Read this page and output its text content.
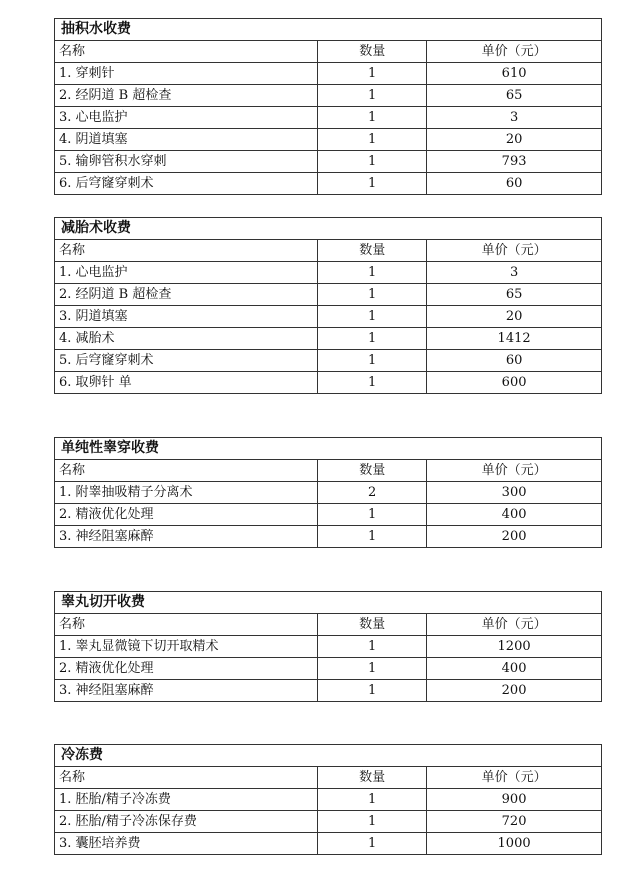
抽积水收费		
名称	数量	单价（元）
1. 穿刺针	1	610
2. 经阴道 B 超检查	1	65
3. 心电监护	1	3
4. 阴道填塞	1	20
5. 输卵管积水穿刺	1	793
6. 后穹窿穿刺术	1	60
减胎术收费		
名称	数量	单价（元）
1. 心电监护	1	3
2. 经阴道 B 超检查	1	65
3. 阴道填塞	1	20
4. 减胎术	1	1412
5. 后穹窿穿刺术	1	60
6. 取卵针 单	1	600
单纯性睾穿收费		
名称	数量	单价（元）
1. 附睾抽吸精子分离术	2	300
2. 精液优化处理	1	400
3. 神经阻塞麻醉	1	200
睾丸切开收费		
名称	数量	单价（元）
1. 睾丸显微镜下切开取精术	1	1200
2. 精液优化处理	1	400
3. 神经阻塞麻醉	1	200
冷冻费		
名称	数量	单价（元）
1. 胚胎/精子冷冻费	1	900
2. 胚胎/精子冷冻保存费	1	720
3. 囊胚培养费	1	1000
